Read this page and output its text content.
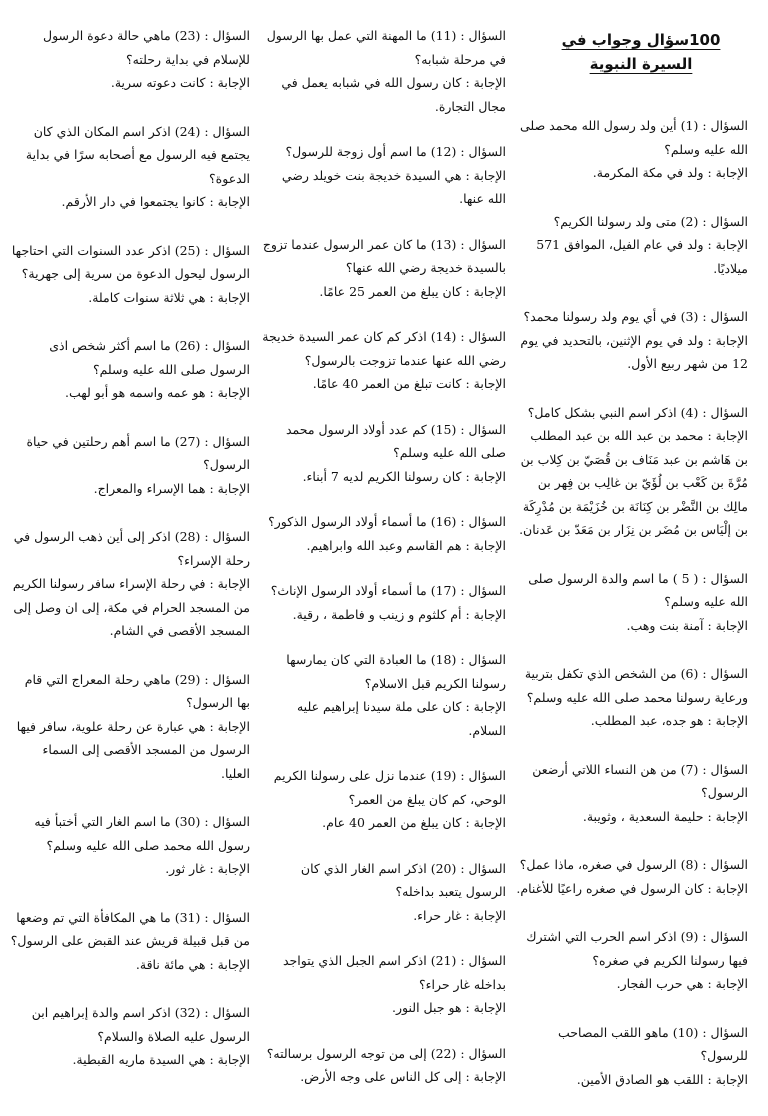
100سؤال وجواب في السيرة النبوية

السؤال : (1) أين ولد رسول الله محمد صلى الله عليه وسلم؟

الإجابة : ولد في مكة المكرمة.

السؤال : (2) متى ولد رسولنا الكريم؟

الإجابة : ولد في عام الفيل، الموافق 571 ميلاديًا.

السؤال : (3) في أي يوم ولد رسولنا محمد؟

الإجابة : ولد في يوم الإثنين، بالتحديد في يوم 12 من شهر ربيع الأول.

السؤال : (4) اذكر اسم النبي بشكل كامل؟

الإجابة : محمد بن عبد الله بن عبد المطلب بن هَاشم بن عبد مَنَاف بن قُصَيّ بن كِلاب بن مُرَّةَ بن كَعْب بن لُؤَيّ بن غالِب بن فِهر بن مالِك بن النَّضْر بن كِنَانَة بن خُزَيْمَة بن مُدْرِكَة بن إلْيَاس بن مُضَر بن نِزَار بن مَعَدّ بن عَدنان.

السؤال : ( 5 ) ما اسم والدة الرسول صلى الله عليه وسلم؟

الإجابة : آمنة بنت وهب.

السؤال : (6) من الشخص الذي تكفل بتربية ورعاية رسولنا محمد صلى الله عليه وسلم؟

الإجابة : هو جده، عبد المطلب.

السؤال : (7) من هن النساء اللاتي أرضعن الرسول؟

الإجابة : حليمة السعدية ، وثويبة.

السؤال : (8) الرسول في صغره، ماذا عمل؟

الإجابة : كان الرسول في صغره راعيًا للأغنام.

السؤال : (9) اذكر اسم الحرب التي اشترك فيها رسولنا الكريم في صغره؟

الإجابة : هي حرب الفجار.

السؤال : (10) ماهو اللقب المصاحب للرسول؟

الإجابة : اللقب هو الصادق الأمين.

السؤال : (11) ما المهنة التي عمل بها الرسول في مرحلة شبابه؟

الإجابة : كان رسول الله في شبابه يعمل في مجال التجارة.

السؤال : (12) ما اسم أول زوجة للرسول؟

الإجابة : هي السيدة خديجة بنت خويلد رضي الله عنها.

السؤال : (13) ما كان عمر الرسول عندما تزوج بالسيدة خديجة رضي الله عنها؟

الإجابة : كان يبلغ من العمر 25 عامًا.

السؤال : (14) اذكر كم كان عمر السيدة خديجة رضي الله عنها عندما تزوجت بالرسول؟

الإجابة : كانت تبلغ من العمر 40 عامًا.

السؤال : (15) كم عدد أولاد الرسول محمد صلى الله عليه وسلم؟

الإجابة : كان رسولنا الكريم لديه 7 أبناء.

السؤال : (16) ما أسماء أولاد الرسول الذكور؟

الإجابة : هم القاسم وعبد الله وابراهيم.

السؤال : (17) ما أسماء أولاد الرسول الإناث؟

الإجابة : أم كلثوم و زينب و فاطمة ، رقية.

السؤال : (18) ما العبادة التي كان يمارسها رسولنا الكريم قبل الاسلام؟

الإجابة : كان على ملة سيدنا إبراهيم عليه السلام.

السؤال : (19) عندما نزل على رسولنا الكريم الوحي، كم كان يبلغ من العمر؟

الإجابة : كان يبلغ من العمر 40 عام.

السؤال : (20) اذكر اسم الغار الذي كان الرسول يتعبد بداخله؟

الإجابة : غار حراء.

السؤال : (21) اذكر اسم الجبل الذي يتواجد بداخله غار حراء؟

الإجابة : هو جبل النور.

السؤال : (22) إلى من توجه الرسول برسالته؟

الإجابة : إلى كل الناس على وجه الأرض.

السؤال : (23) ماهي حالة دعوة الرسول للإسلام في بداية رحلته؟

الإجابة : كانت دعوته سرية.

السؤال : (24) اذكر اسم المكان الذي كان يجتمع فيه الرسول مع أصحابه سرًا في بداية الدعوة؟

الإجابة : كانوا يجتمعوا في دار الأرقم.

السؤال : (25) اذكر عدد السنوات التي احتاجها الرسول ليحول الدعوة من سرية إلى جهرية؟

الإجابة : هي ثلاثة سنوات كاملة.

السؤال : (26) ما اسم أكثر شخص اذى الرسول صلى الله عليه وسلم؟

الإجابة : هو عمه واسمه هو أبو لهب.

السؤال : (27) ما اسم أهم رحلتين في حياة الرسول؟

الإجابة : هما الإسراء والمعراج.

السؤال : (28) اذكر إلى أين ذهب الرسول في رحلة الإسراء؟

الإجابة : في رحلة الإسراء سافر رسولنا الكريم من المسجد الحرام في مكة، إلى ان وصل إلى المسجد الأقصى في الشام.

السؤال : (29) ماهي رحلة المعراج التي قام بها الرسول؟

الإجابة : هي عبارة عن رحلة علوية، سافر فيها الرسول من المسجد الأقصى إلى السماء العليا.

السؤال : (30) ما اسم الغار التي أختبأ فيه رسول الله محمد صلى الله عليه وسلم؟

الإجابة : غار ثور.

السؤال : (31) ما هي المكافأة التي تم وضعها من قبل قبيلة قريش عند القبض على الرسول؟

الإجابة : هي مائة ناقة.

السؤال : (32) اذكر اسم والدة إبراهيم ابن الرسول عليه الصلاة والسلام؟

الإجابة : هي السيدة ماريه القبطية.
